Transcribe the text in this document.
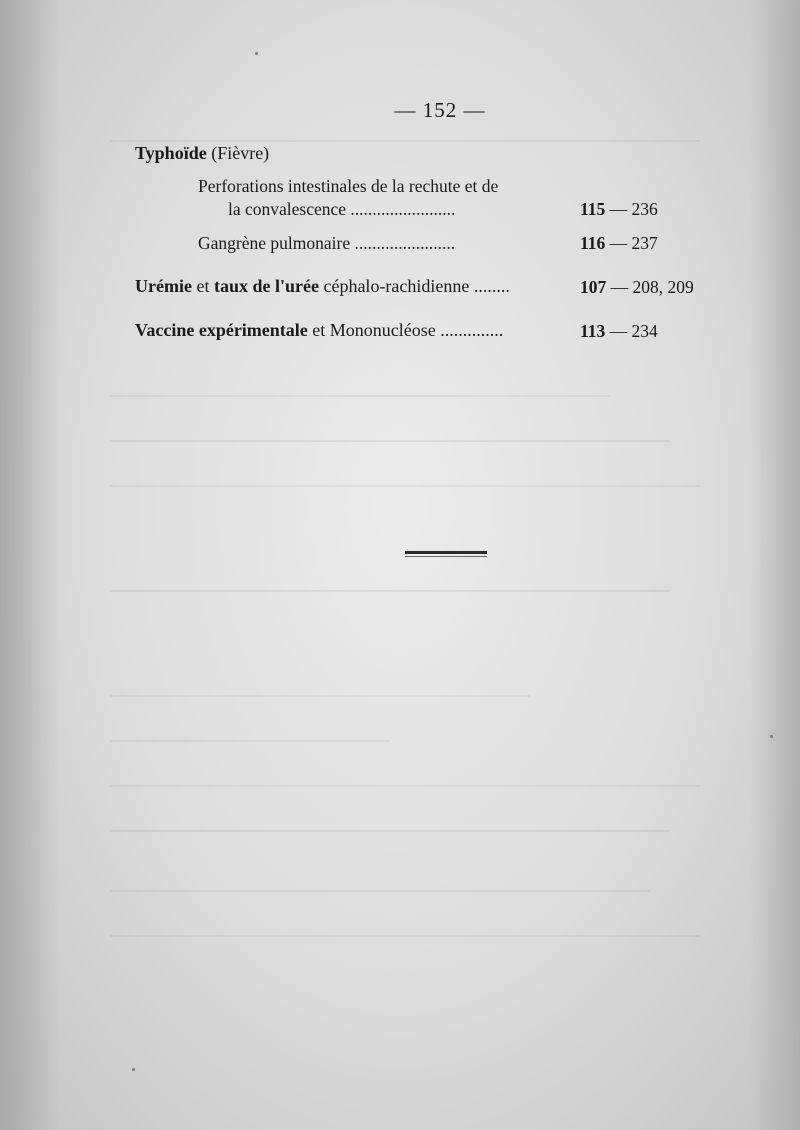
— 152 —
Typhoïde (Fièvre)
Perforations intestinales de la rechute et de
la convalescence ........................	115 — 236
Gangrène pulmonaire .......................	116 — 237
Urémie et taux de l'urée céphalo-rachidienne ........	107 — 208, 209
Vaccine expérimentale et Mononucléose ..............	113 — 234
